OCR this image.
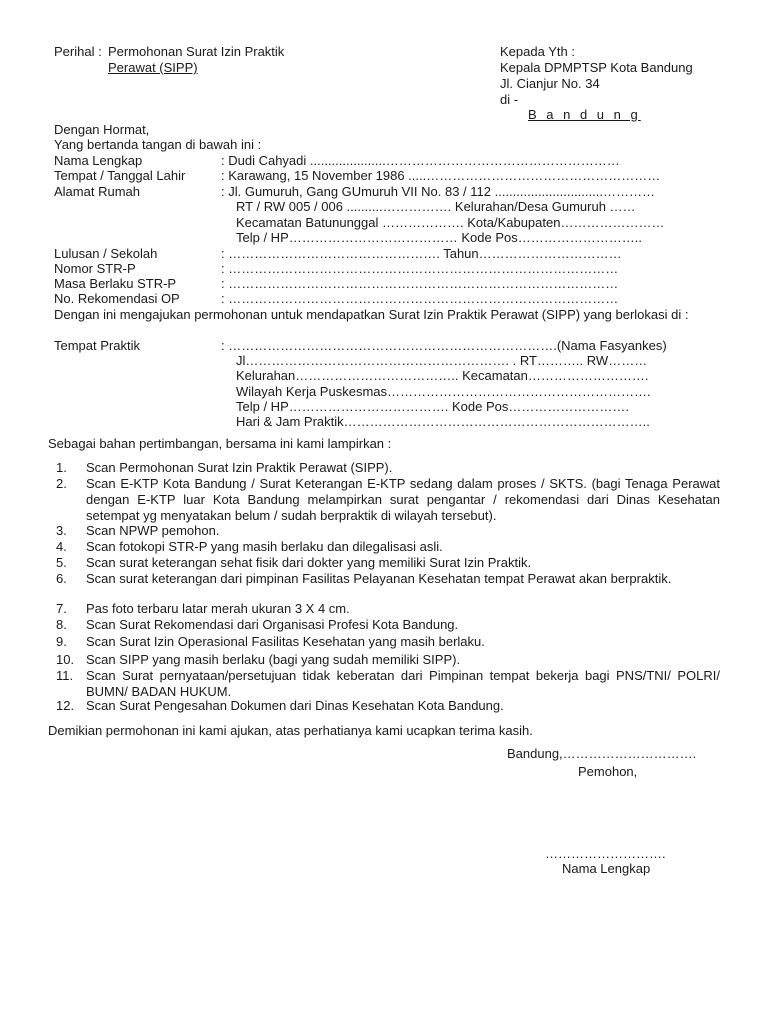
Perihal : Permohonan Surat Izin Praktik
Perawat (SIPP)
Kepada Yth :
Kepala DPMPTSP Kota Bandung
Jl. Cianjur No. 34
di -
B a n d u n g
Dengan Hormat,
Yang bertanda tangan di bawah ini :
Nama Lengkap	: Dudi Cahyadi .....................………………………………………………
Tempat / Tanggal Lahir	: Karawang, 15 November 1986 .....………………………………………………
Alamat Rumah	: Jl. Gumuruh, Gang GUmuruh VII No. 83 / 112 ..............................…………
RT / RW 005 / 006 ..........……………. Kelurahan/Desa Gumuruh ……
Kecamatan Batununggal ………………. Kota/Kabupaten……………………
Telp / HP………………………………… Kode Pos………………………..
Lulusan / Sekolah	: …………………………………………. Tahun……………………………
Nomor STR-P	: ………………………………………………………………………………
Masa Berlaku STR-P	: ………………………………………………………………………………
No. Rekomendasi OP	: ………………………………………………………………………………
Dengan ini mengajukan permohonan untuk mendapatkan Surat Izin Praktik Perawat (SIPP) yang berlokasi di :
Tempat Praktik	: ………………………………………………………………….(Nama Fasyankes)
Jl……………………………………………………. . RT……….. RW………
Kelurahan……………………………….. Kecamatan……………………….
Wilayah Kerja Puskesmas…………………………………………………….
Telp / HP………………………………. Kode Pos……………………….
Hari & Jam Praktik……………………………………………………………..
Sebagai bahan pertimbangan, bersama ini kami lampirkan :
1. Scan Permohonan Surat Izin Praktik Perawat (SIPP).
2. Scan E-KTP Kota Bandung / Surat Keterangan E-KTP sedang dalam proses / SKTS. (bagi Tenaga Perawat dengan E-KTP luar Kota Bandung melampirkan surat pengantar / rekomendasi dari Dinas Kesehatan setempat yg menyatakan belum / sudah berpraktik di wilayah tersebut).
3. Scan NPWP pemohon.
4. Scan fotokopi STR-P yang masih berlaku dan dilegalisasi asli.
5. Scan surat keterangan sehat fisik dari dokter yang memiliki Surat Izin Praktik.
6. Scan surat keterangan dari pimpinan Fasilitas Pelayanan Kesehatan tempat Perawat akan berpraktik.
7. Pas foto terbaru latar merah ukuran 3 X 4 cm.
8. Scan Surat Rekomendasi dari Organisasi Profesi Kota Bandung.
9. Scan Surat Izin Operasional Fasilitas Kesehatan yang masih berlaku.
10. Scan SIPP yang masih berlaku (bagi yang sudah memiliki SIPP).
11. Scan Surat pernyataan/persetujuan tidak keberatan dari Pimpinan tempat bekerja bagi PNS/TNI/ POLRI/ BUMN/ BADAN HUKUM.
12. Scan Surat Pengesahan Dokumen dari Dinas Kesehatan Kota Bandung.
Demikian permohonan ini kami ajukan, atas perhatianya kami ucapkan terima kasih.
Bandung,………………………….
Pemohon,
……………………….
Nama Lengkap
